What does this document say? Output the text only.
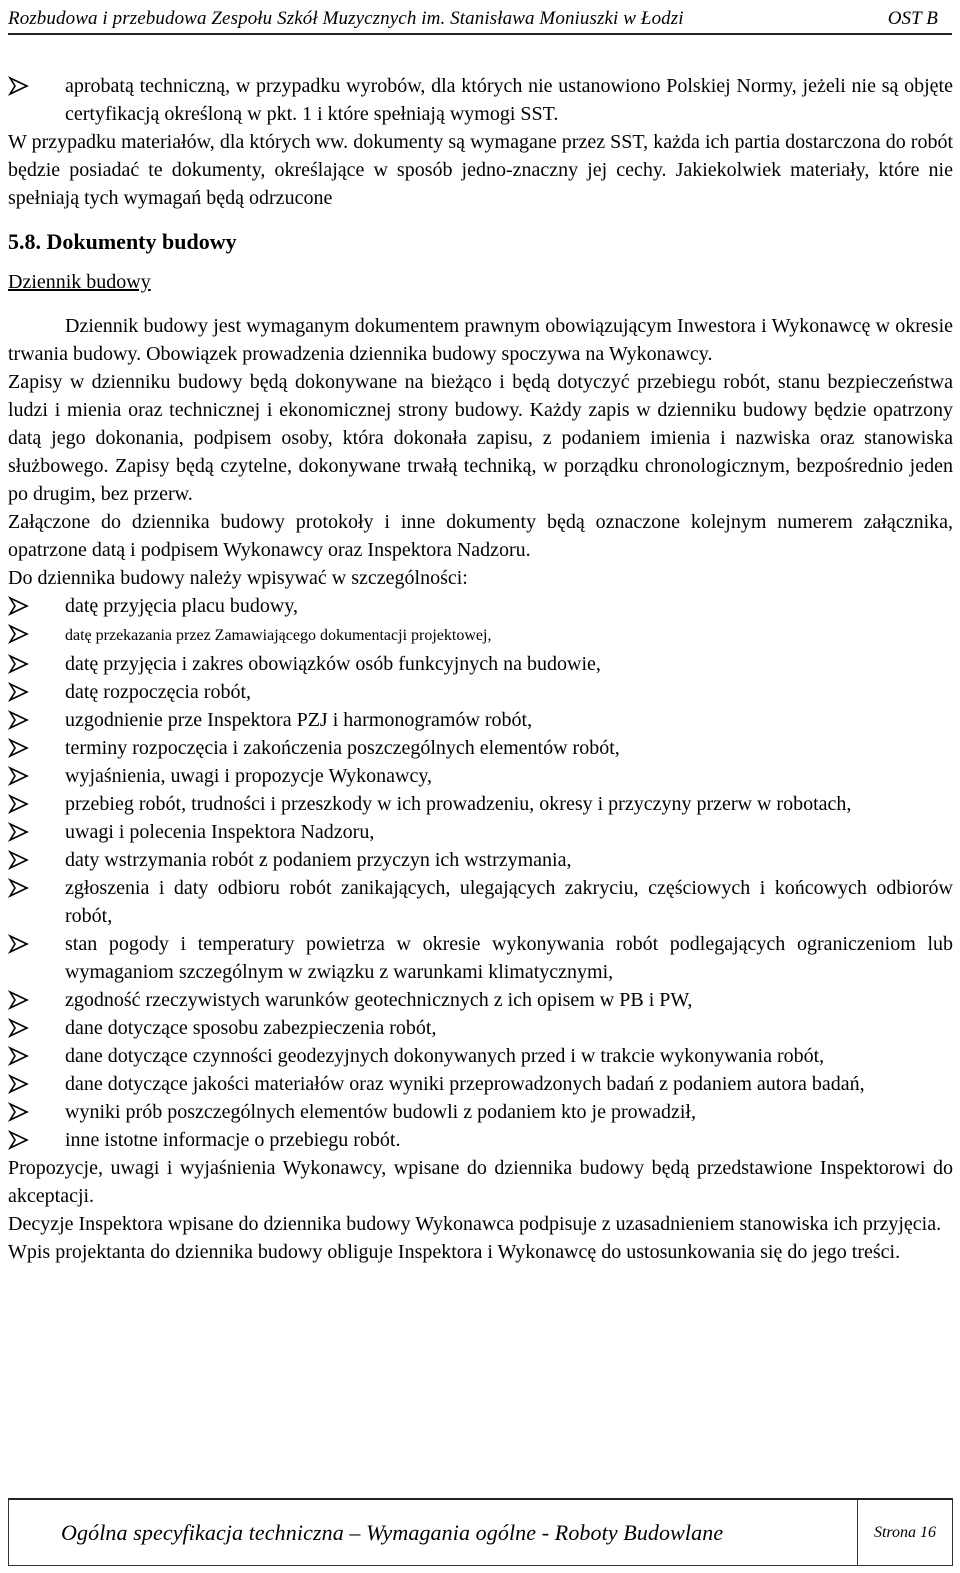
Rozbudowa i przebudowa Zespołu Szkół Muzycznych im. Stanisława Moniuszki w Łodzi	OST B
aprobatą techniczną, w przypadku wyrobów, dla których nie ustanowiono Polskiej Normy, jeżeli nie są objęte certyfikacją określoną w pkt. 1 i które spełniają wymogi SST.
W przypadku materiałów, dla których ww. dokumenty są wymagane przez SST, każda ich partia dostarczona do robót będzie posiadać te dokumenty, określające w sposób jedno-znaczny jej cechy. Jakiekolwiek materiały, które nie spełniają tych wymagań będą odrzucone
5.8. Dokumenty budowy
Dziennik budowy
Dziennik budowy jest wymaganym dokumentem prawnym obowiązującym Inwestora i Wykonawcę w okresie trwania budowy. Obowiązek prowadzenia dziennika budowy spoczywa na Wykonawcy.
Zapisy w dzienniku budowy będą dokonywane na bieżąco i będą dotyczyć przebiegu robót, stanu bezpieczeństwa ludzi i mienia oraz technicznej i ekonomicznej strony budowy. Każdy zapis w dzienniku budowy będzie opatrzony datą jego dokonania, podpisem osoby, która dokonała zapisu, z podaniem imienia i nazwiska oraz stanowiska służbowego. Zapisy będą czytelne, dokonywane trwałą techniką, w porządku chronologicznym, bezpośrednio jeden po drugim, bez przerw.
Załączone do dziennika budowy protokoły i inne dokumenty będą oznaczone kolejnym numerem załącznika, opatrzone datą i podpisem Wykonawcy oraz Inspektora Nadzoru.
Do dziennika budowy należy wpisywać w szczególności:
datę przyjęcia placu budowy,
datę przekazania przez Zamawiającego dokumentacji projektowej,
datę przyjęcia i zakres obowiązków osób funkcyjnych na budowie,
datę rozpoczęcia robót,
uzgodnienie prze Inspektora PZJ i harmonogramów robót,
terminy rozpoczęcia i zakończenia poszczególnych elementów robót,
wyjaśnienia, uwagi i propozycje Wykonawcy,
przebieg robót, trudności i przeszkody w ich prowadzeniu, okresy i przyczyny przerw w robotach,
uwagi i polecenia Inspektora Nadzoru,
daty wstrzymania robót z podaniem przyczyn ich wstrzymania,
zgłoszenia i daty odbioru robót zanikających, ulegających zakryciu, częściowych i końcowych odbiorów robót,
stan pogody i temperatury powietrza w okresie wykonywania robót podlegających ograniczeniom lub wymaganiom szczególnym w związku z warunkami klimatycznymi,
zgodność rzeczywistych warunków geotechnicznych z ich opisem w PB i PW,
dane dotyczące sposobu zabezpieczenia robót,
dane dotyczące czynności geodezyjnych dokonywanych przed i w trakcie wykonywania robót,
dane dotyczące jakości materiałów oraz wyniki przeprowadzonych badań z podaniem autora badań,
wyniki prób poszczególnych elementów budowli z podaniem kto je prowadził,
inne istotne informacje o przebiegu robót.
Propozycje, uwagi i wyjaśnienia Wykonawcy, wpisane do dziennika budowy będą przedstawione Inspektorowi do akceptacji.
Decyzje Inspektora wpisane do dziennika budowy Wykonawca podpisuje z uzasadnieniem stanowiska ich przyjęcia.
Wpis projektanta do dziennika budowy obliguje Inspektora i Wykonawcę do ustosunkowania się do jego treści.
Ogólna specyfikacja techniczna – Wymagania ogólne - Roboty Budowlane	Strona 16
